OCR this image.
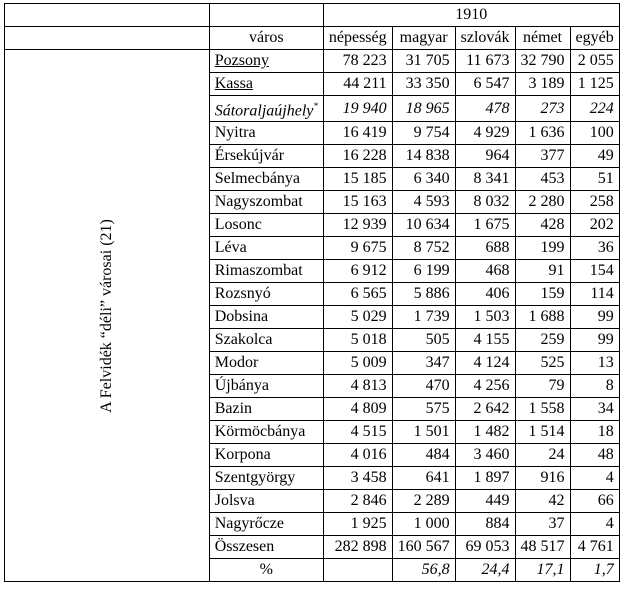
		1910				
	város	népesség	magyar	szlovák	német	egyéb
A Felvidék “déli” városai (21)	Pozsony	78 223	31 705	11 673	32 790	2 055
	Kassa	44 211	33 350	6 547	3 189	1 125
	Sátoraljaújhely*	19 940	18 965	478	273	224
	Nyitra	16 419	9 754	4 929	1 636	100
	Érsekújvár	16 228	14 838	964	377	49
	Selmecbánya	15 185	6 340	8 341	453	51
	Nagyszombat	15 163	4 593	8 032	2 280	258
	Losonc	12 939	10 634	1 675	428	202
	Léva	9 675	8 752	688	199	36
	Rimaszombat	6 912	6 199	468	91	154
	Rozsnyó	6 565	5 886	406	159	114
	Dobsina	5 029	1 739	1 503	1 688	99
	Szakolca	5 018	505	4 155	259	99
	Modor	5 009	347	4 124	525	13
	Újbánya	4 813	470	4 256	79	8
	Bazin	4 809	575	2 642	1 558	34
	Körmöcbánya	4 515	1 501	1 482	1 514	18
	Korpona	4 016	484	3 460	24	48
	Szentgyörgy	3 458	641	1 897	916	4
	Jolsva	2 846	2 289	449	42	66
	Nagyrőcze	1 925	1 000	884	37	4
	Összesen	282 898	160 567	69 053	48 517	4 761
	%		56,8	24,4	17,1	1,7
